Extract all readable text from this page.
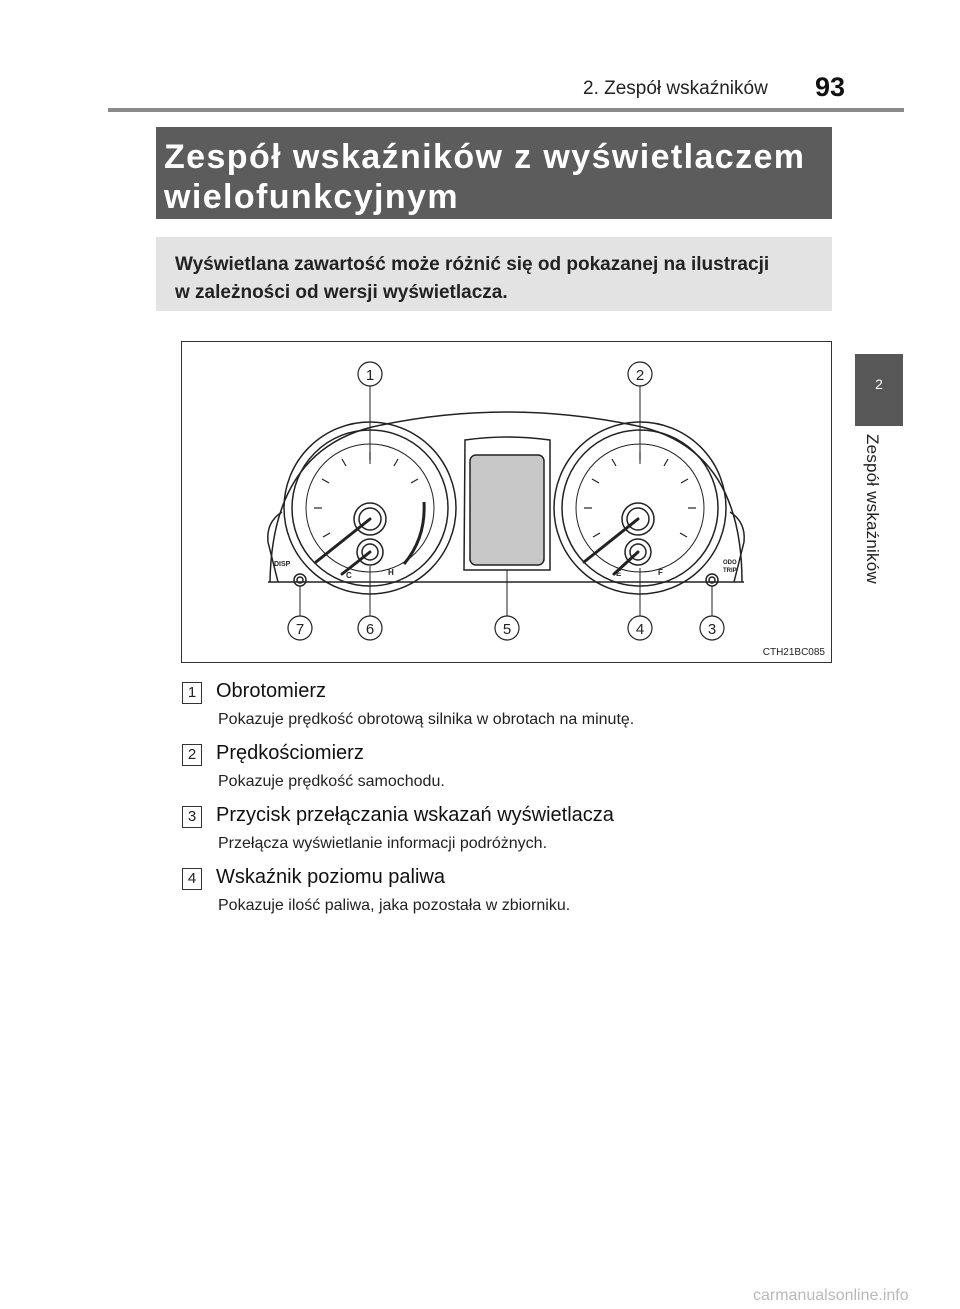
2. Zespół wskaźników 93
2
Zespół wskaźników

Zespół wskaźników z wyświetlaczem

wielofunkcyjnym

Wyświetlana zawartość może różnić się od pokazanej na ilustracji

w zależności od wersji wyświetlacza.

DISP	ODO
TRIP
C	H	E	F
1	2
3
4
5
6
7
CTH21BC085
1 Obrotomierz
Pokazuje prędkość obrotową silnika w obrotach na minutę.
2 Prędkościomierz
Pokazuje prędkość samochodu.
3 Przycisk przełączania wskazań wyświetlacza
Przełącza wyświetlanie informacji podróżnych.
4 Wskaźnik poziomu paliwa
Pokazuje ilość paliwa, jaka pozostała w zbiorniku.
carmanualsonline.info
